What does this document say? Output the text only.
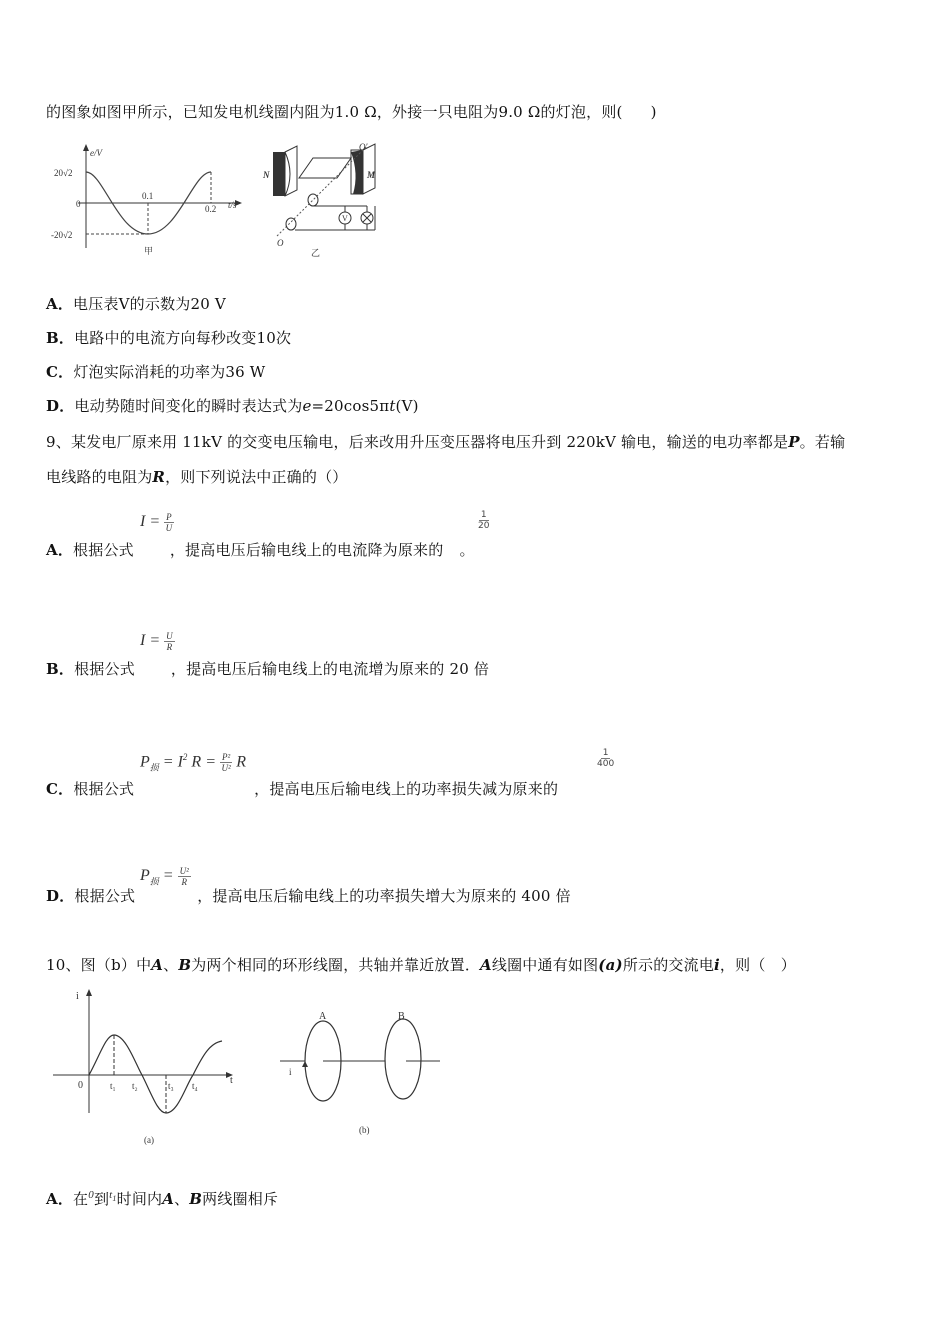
的图象如图甲所示，已知发电机线圈内阻为1.0 Ω，外接一只电阻为9.0 Ω的灯泡，则( )
e/V
t/s
20√2
0
-20√2
0.1
0.2
甲
N	M
O′
O
V
乙
A．电压表V的示数为20 V
B．电路中的电流方向每秒改变10次
C．灯泡实际消耗的功率为36 W
D．电动势随时间变化的瞬时表达式为e=20cos5πt(V)
9、某发电厂原来用 11kV 的交变电压输电，后来改用升压变压器将电压升到 220kV 输电，输送的电功率都是P。若输
电线路的电阻为R，则下列说法中正确的（）
$I = \frac{P}{U}$	$\frac{1}{20}$
A．根据公式 ，提高电压后输电线上的电流降为原来的 。
$I = \frac{U}{R}$
B．根据公式 ，提高电压后输电线上的电流增为原来的 20 倍
$P_损 = I^2$ $R = \frac{\text{P²}}{\text{U²}}$ R	$\frac{1}{400}$
C．根据公式	，提高电压后输电线上的功率损失减为原来的
$P_损 = \frac{\text{U²}}{R}$
D．根据公式	，提高电压后输电线上的功率损失增大为原来的 400 倍
10、图（b）中A、B为两个相同的环形线圈，共轴并靠近放置．A线圈中通有如图(a)所示的交流电i，则（　）
i
t
0	t₁ t₂	t₃ t₄
(a)
A	B
i
(b)
A．在$^0$到$^{t_1}$时间内A、B两线圈相斥
